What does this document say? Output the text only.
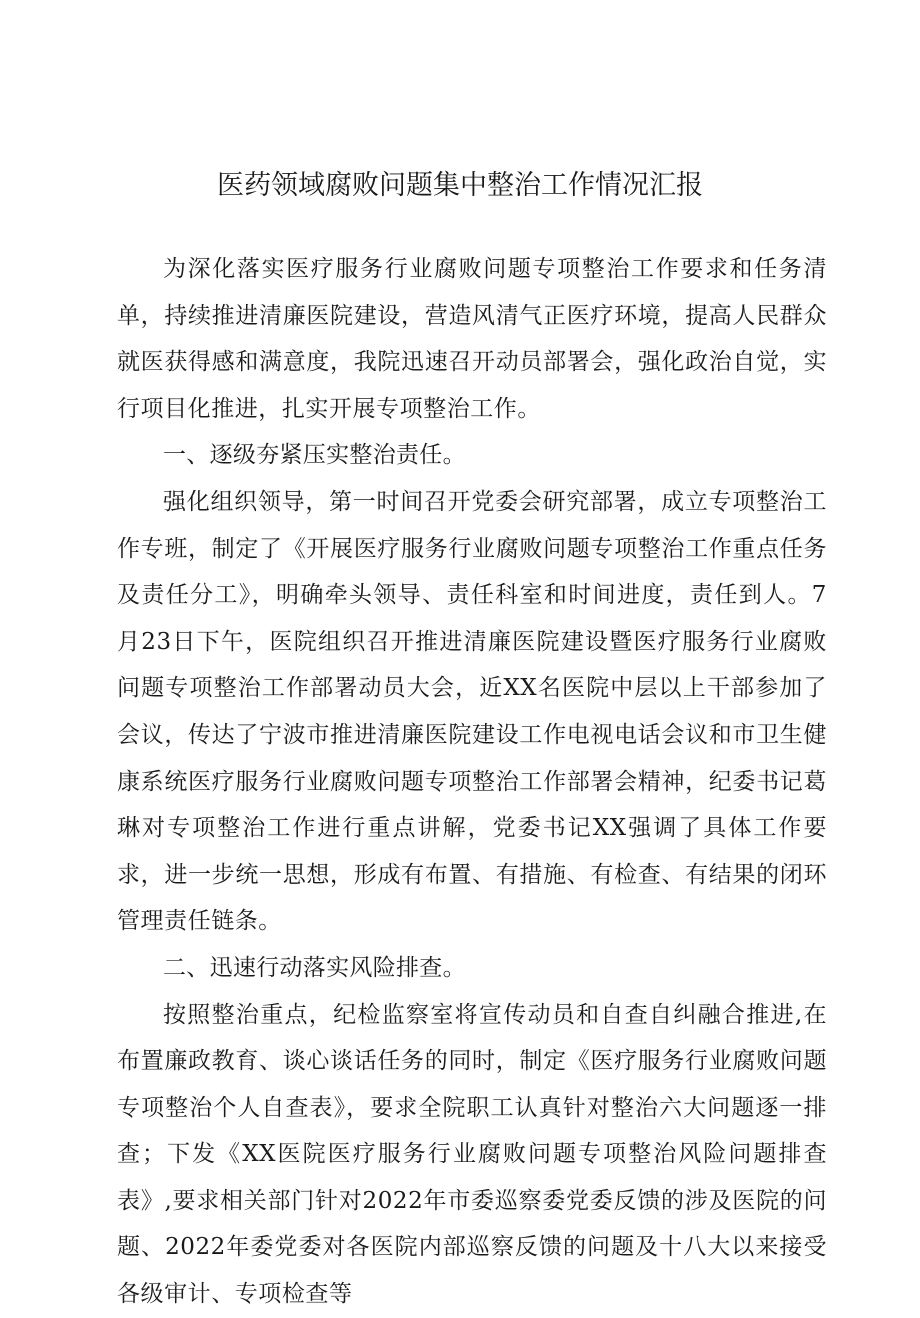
医药领域腐败问题集中整治工作情况汇报

为深化落实医疗服务行业腐败问题专项整治工作要求和任务清单，持续推进清廉医院建设，营造风清气正医疗环境，提高人民群众就医获得感和满意度，我院迅速召开动员部署会，强化政治自觉，实行项目化推进，扎实开展专项整治工作。

一、逐级夯紧压实整治责任。

强化组织领导，第一时间召开党委会研究部署，成立专项整治工作专班，制定了《开展医疗服务行业腐败问题专项整治工作重点任务及责任分工》，明确牵头领导、责任科室和时间进度，责任到人。7月23日下午，医院组织召开推进清廉医院建设暨医疗服务行业腐败问题专项整治工作部署动员大会，近XX名医院中层以上干部参加了会议，传达了宁波市推进清廉医院建设工作电视电话会议和市卫生健康系统医疗服务行业腐败问题专项整治工作部署会精神，纪委书记葛琳对专项整治工作进行重点讲解，党委书记XX强调了具体工作要求，进一步统一思想，形成有布置、有措施、有检查、有结果的闭环管理责任链条。

二、迅速行动落实风险排查。

按照整治重点，纪检监察室将宣传动员和自查自纠融合推进,在布置廉政教育、谈心谈话任务的同时，制定《医疗服务行业腐败问题专项整治个人自查表》，要求全院职工认真针对整治六大问题逐一排查；下发《XX医院医疗服务行业腐败问题专项整治风险问题排查表》,要求相关部门针对2022年市委巡察委党委反馈的涉及医院的问题、2022年委党委对各医院内部巡察反馈的问题及十八大以来接受各级审计、专项检查等
